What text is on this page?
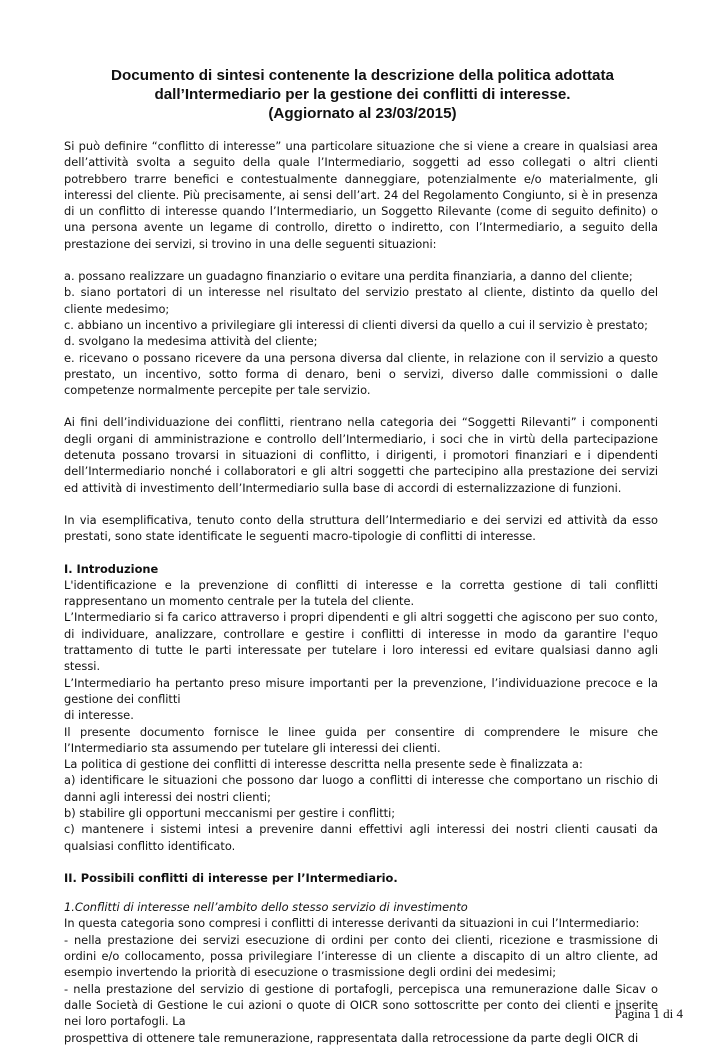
Documento di sintesi contenente la descrizione della politica adottata
dall’Intermediario per la gestione dei conflitti di interesse.
(Aggiornato al 23/03/2015)

Si può definire “conflitto di interesse” una particolare situazione che si viene a creare in qualsiasi area dell’attività svolta a seguito della quale l’Intermediario, soggetti ad esso collegati o altri clienti potrebbero trarre benefici e contestualmente danneggiare, potenzialmente e/o materialmente, gli interessi del cliente. Più precisamente, ai sensi dell’art. 24 del Regolamento Congiunto, si è in presenza di un conflitto di interesse quando l’Intermediario, un Soggetto Rilevante (come di seguito definito) o una persona avente un legame di controllo, diretto o indiretto, con l’Intermediario, a seguito della prestazione dei servizi, si trovino in una delle seguenti situazioni:

a. possano realizzare un guadagno finanziario o evitare una perdita finanziaria, a danno del cliente;

b. siano portatori di un interesse nel risultato del servizio prestato al cliente, distinto da quello del cliente medesimo;

c. abbiano un incentivo a privilegiare gli interessi di clienti diversi da quello a cui il servizio è prestato;

d. svolgano la medesima attività del cliente;

e. ricevano o possano ricevere da una persona diversa dal cliente, in relazione con il servizio a questo prestato, un incentivo, sotto forma di denaro, beni o servizi, diverso dalle commissioni o dalle competenze normalmente percepite per tale servizio.

Ai fini dell’individuazione dei conflitti, rientrano nella categoria dei “Soggetti Rilevanti” i componenti degli organi di amministrazione e controllo dell’Intermediario, i soci che in virtù della partecipazione detenuta possano trovarsi in situazioni di conflitto, i dirigenti, i promotori finanziari e i dipendenti dell’Intermediario nonché i collaboratori e gli altri soggetti che partecipino alla prestazione dei servizi ed attività di investimento dell’Intermediario sulla base di accordi di esternalizzazione di funzioni.

In via esemplificativa, tenuto conto della struttura dell’Intermediario e dei servizi ed attività da esso prestati, sono state identificate le seguenti macro-tipologie di conflitti di interesse.

I. Introduzione

L'identificazione e la prevenzione di conflitti di interesse e la corretta gestione di tali conflitti rappresentano un momento centrale per la tutela del cliente.

L’Intermediario si fa carico attraverso i propri dipendenti e gli altri soggetti che agiscono per suo conto, di individuare, analizzare, controllare e gestire i conflitti di interesse in modo da garantire l'equo trattamento di tutte le parti interessate per tutelare i loro interessi ed evitare qualsiasi danno agli stessi.

L’Intermediario ha pertanto preso misure importanti per la prevenzione, l’individuazione precoce e la gestione dei conflitti

di interesse.

Il presente documento fornisce le linee guida per consentire di comprendere le misure che l’Intermediario sta assumendo per tutelare gli interessi dei clienti.

La politica di gestione dei conflitti di interesse descritta nella presente sede è finalizzata a:

a) identificare le situazioni che possono dar luogo a conflitti di interesse che comportano un rischio di danni agli interessi dei nostri clienti;

b) stabilire gli opportuni meccanismi per gestire i conflitti;

c) mantenere i sistemi intesi a prevenire danni effettivi agli interessi dei nostri clienti causati da qualsiasi conflitto identificato.

II. Possibili conflitti di interesse per l’Intermediario.

1.Conflitti di interesse nell’ambito dello stesso servizio di investimento

In questa categoria sono compresi i conflitti di interesse derivanti da situazioni in cui l’Intermediario:

- nella prestazione dei servizi esecuzione di ordini per conto dei clienti, ricezione e trasmissione di ordini e/o collocamento, possa privilegiare l’interesse di un cliente a discapito di un altro cliente, ad esempio invertendo la priorità di esecuzione o trasmissione degli ordini dei medesimi;

- nella prestazione del servizio di gestione di portafogli, percepisca una remunerazione dalle Sicav o dalle Società di Gestione le cui azioni o quote di OICR sono sottoscritte per conto dei clienti e inserite nei loro portafogli. La

prospettiva di ottenere tale remunerazione, rappresentata dalla retrocessione da parte degli OICR di

Pagina 1 di 4
